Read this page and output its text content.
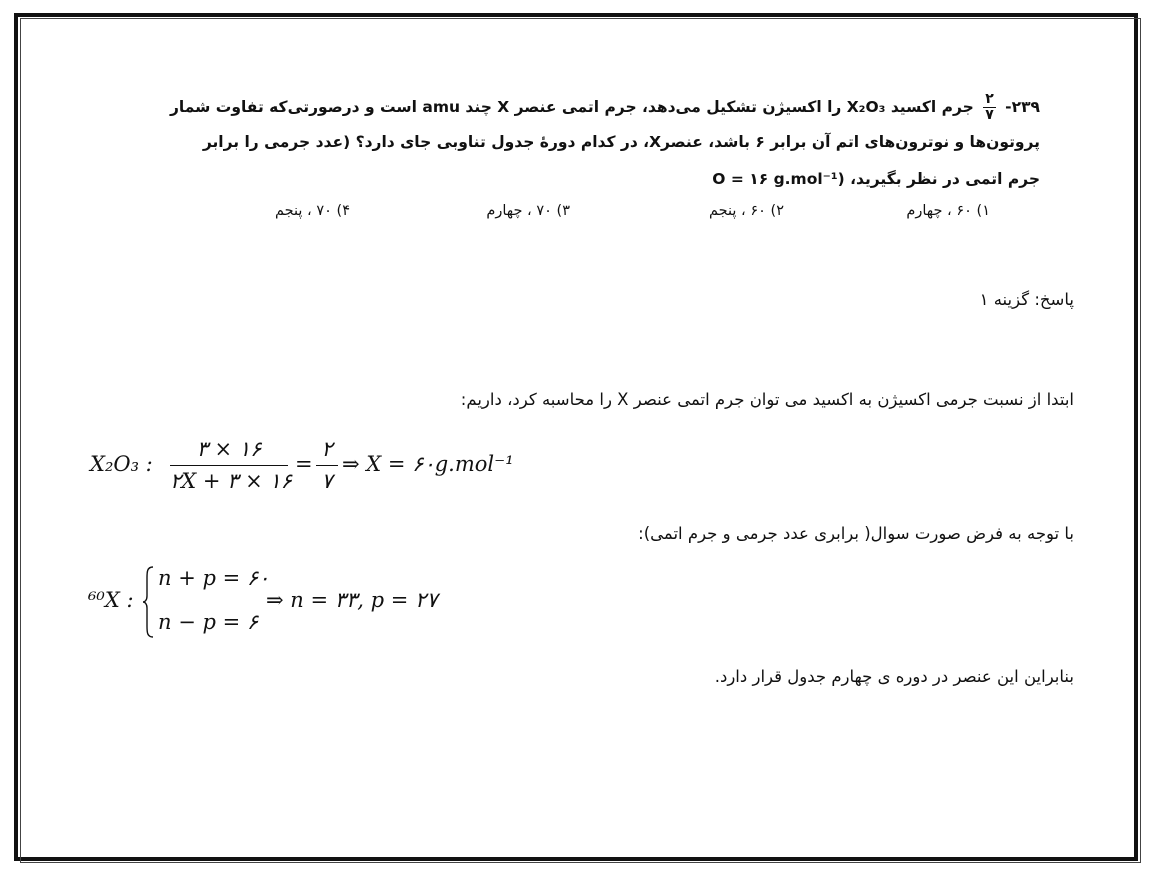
۲۳۹-
$\frac{۲}{۷}$
جرم اکسید X₂O₃ را اکسیژن تشکیل می‌دهد، جرم اتمی عنصر X چند amu است و درصورتی‌که تفاوت شمار
پروتون‌ها و نوترون‌های اتم آن برابر ۶ باشد، عنصرX، در کدام دورهٔ جدول تناوبی جای دارد؟ (عدد جرمی را برابر
جرم اتمی در نظر بگیرید، (O = ۱۶ g.mol⁻¹
۱) ۶۰ ، چهارم
۲) ۶۰ ، پنجم
۳) ۷۰ ، چهارم
۴) ۷۰ ، پنجم
پاسخ: گزینه ۱
ابتدا از نسبت جرمی اکسیژن به اکسید می توان جرم اتمی عنصر X را محاسبه کرد، داریم:
X₂O₃ :
۳ × ۱۶
۲X + ۳ × ۱۶
=
۲
۷
⇒ X = ۶۰g.mol⁻¹
با توجه به فرض صورت سوال( برابری عدد جرمی و جرم اتمی):
⁶⁰X :
n + p = ۶۰
n − p = ۶
⇒ n = ۳۳, p = ۲۷
بنابراین این عنصر در دوره ی چهارم جدول قرار دارد.
